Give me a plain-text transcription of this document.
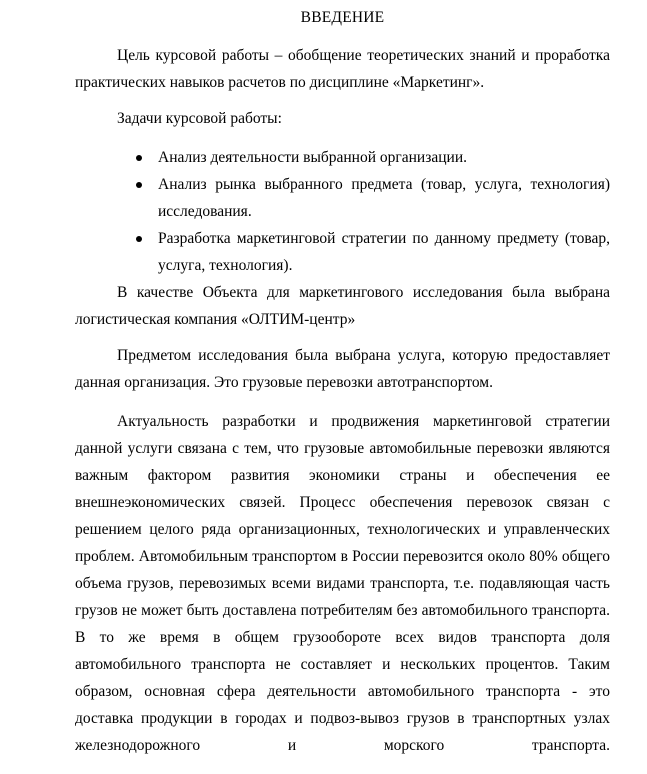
ВВЕДЕНИЕ

Цель курсовой работы – обобщение теоретических знаний и проработка практических навыков расчетов по дисциплине «Маркетинг».

Задачи курсовой работы:
Анализ деятельности выбранной организации.
Анализ рынка выбранного предмета (товар, услуга, технология) исследования.
Разработка маркетинговой стратегии по данному предмету (товар, услуга, технология).

В качестве Объекта для маркетингового исследования была выбрана логистическая компания «ОЛТИМ-центр»

Предметом исследования была выбрана услуга, которую предоставляет данная организация. Это грузовые перевозки автотранспортом.

Актуальность разработки и продвижения маркетинговой стратегии данной услуги связана с тем, что грузовые автомобильные перевозки являются важным фактором развития экономики страны и обеспечения ее внешнеэкономических связей. Процесс обеспечения перевозок связан с решением целого ряда организационных, технологических и управленческих проблем. Автомобильным транспортом в России перевозится около 80% общего объема грузов, перевозимых всеми видами транспорта, т.е. подавляющая часть грузов не может быть доставлена потребителям без автомобильного транспорта. В то же время в общем грузообороте всех видов транспорта доля автомобильного транспорта не составляет и нескольких процентов. Таким образом, основная сфера деятельности автомобильного транспорта - это доставка продукции в городах и подвоз-вывоз грузов в транспортных узлах железнодорожного и морского транспорта.
